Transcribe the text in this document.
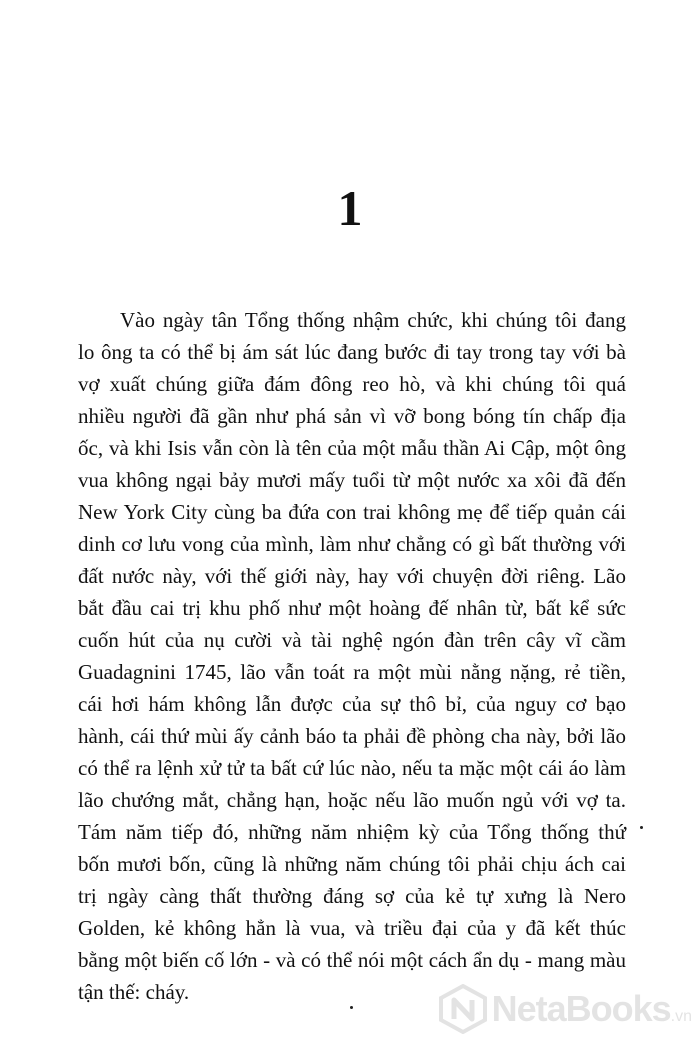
1
Vào ngày tân Tổng thống nhậm chức, khi chúng tôi đang
lo ông ta có thể bị ám sát lúc đang bước đi tay trong tay với bà
vợ xuất chúng giữa đám đông reo hò, và khi chúng tôi quá
nhiều người đã gần như phá sản vì vỡ bong bóng tín chấp địa
ốc, và khi Isis vẫn còn là tên của một mẫu thần Ai Cập, một ông
vua không ngại bảy mươi mấy tuổi từ một nước xa xôi đã đến
New York City cùng ba đứa con trai không mẹ để tiếp quản cái
dinh cơ lưu vong của mình, làm như chẳng có gì bất thường với
đất nước này, với thế giới này, hay với chuyện đời riêng. Lão
bắt đầu cai trị khu phố như một hoàng đế nhân từ, bất kể sức
cuốn hút của nụ cười và tài nghệ ngón đàn trên cây vĩ cầm
Guadagnini 1745, lão vẫn toát ra một mùi nằng nặng, rẻ tiền,
cái hơi hám không lẫn được của sự thô bỉ, của nguy cơ bạo
hành, cái thứ mùi ấy cảnh báo ta phải đề phòng cha này, bởi lão
có thể ra lệnh xử tử ta bất cứ lúc nào, nếu ta mặc một cái áo làm
lão chướng mắt, chẳng hạn, hoặc nếu lão muốn ngủ với vợ ta.
Tám năm tiếp đó, những năm nhiệm kỳ của Tổng thống thứ
bốn mươi bốn, cũng là những năm chúng tôi phải chịu ách cai
trị ngày càng thất thường đáng sợ của kẻ tự xưng là Nero
Golden, kẻ không hẳn là vua, và triều đại của y đã kết thúc
bằng một biến cố lớn - và có thể nói một cách ẩn dụ - mang màu
tận thế: cháy.	NetaBooks.vn
